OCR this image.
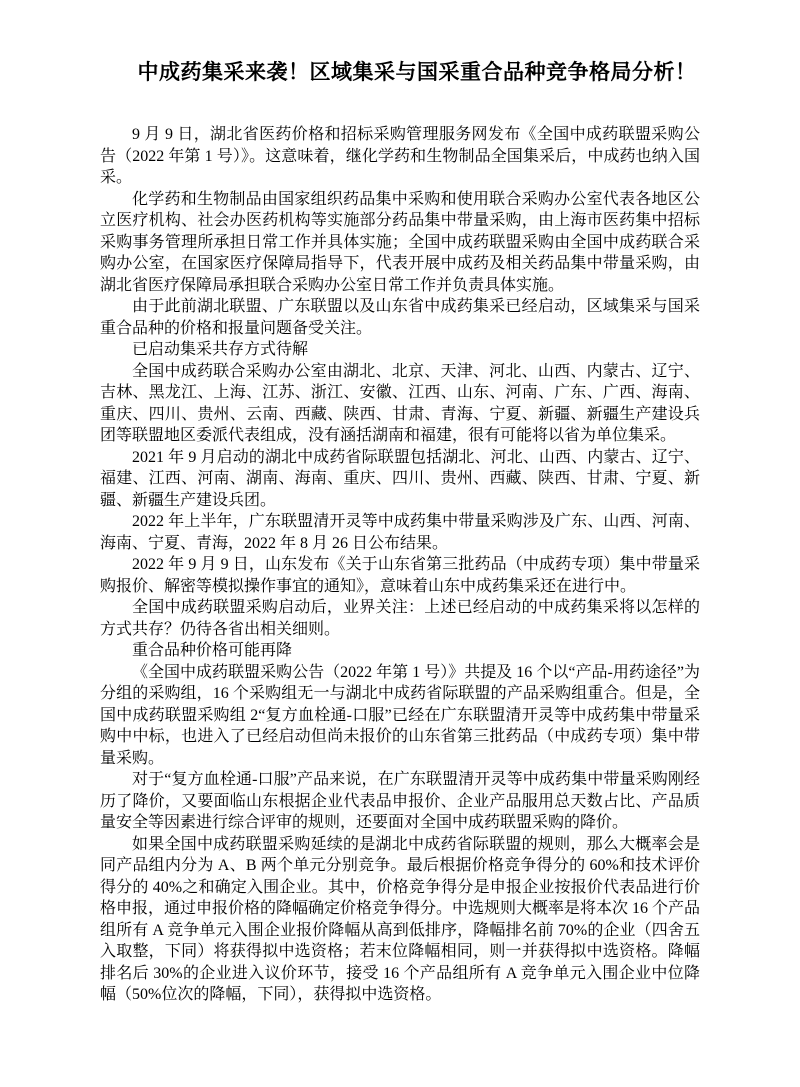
中成药集采来袭！区域集采与国采重合品种竞争格局分析！

9 月 9 日，湖北省医药价格和招标采购管理服务网发布《全国中成药联盟采购公告（2022 年第 1 号）》。这意味着，继化学药和生物制品全国集采后，中成药也纳入国采。

化学药和生物制品由国家组织药品集中采购和使用联合采购办公室代表各地区公立医疗机构、社会办医药机构等实施部分药品集中带量采购，由上海市医药集中招标采购事务管理所承担日常工作并具体实施；全国中成药联盟采购由全国中成药联合采购办公室，在国家医疗保障局指导下，代表开展中成药及相关药品集中带量采购，由湖北省医疗保障局承担联合采购办公室日常工作并负责具体实施。

由于此前湖北联盟、广东联盟以及山东省中成药集采已经启动，区域集采与国采重合品种的价格和报量问题备受关注。

已启动集采共存方式待解

全国中成药联合采购办公室由湖北、北京、天津、河北、山西、内蒙古、辽宁、吉林、黑龙江、上海、江苏、浙江、安徽、江西、山东、河南、广东、广西、海南、重庆、四川、贵州、云南、西藏、陕西、甘肃、青海、宁夏、新疆、新疆生产建设兵团等联盟地区委派代表组成，没有涵括湖南和福建，很有可能将以省为单位集采。

2021 年 9 月启动的湖北中成药省际联盟包括湖北、河北、山西、内蒙古、辽宁、福建、江西、河南、湖南、海南、重庆、四川、贵州、西藏、陕西、甘肃、宁夏、新疆、新疆生产建设兵团。

2022 年上半年，广东联盟清开灵等中成药集中带量采购涉及广东、山西、河南、海南、宁夏、青海，2022 年 8 月 26 日公布结果。

2022 年 9 月 9 日，山东发布《关于山东省第三批药品（中成药专项）集中带量采购报价、解密等模拟操作事宜的通知》，意味着山东中成药集采还在进行中。

全国中成药联盟采购启动后，业界关注：上述已经启动的中成药集采将以怎样的方式共存？仍待各省出相关细则。

重合品种价格可能再降

《全国中成药联盟采购公告（2022 年第 1 号）》共提及 16 个以“产品-用药途径”为分组的采购组，16 个采购组无一与湖北中成药省际联盟的产品采购组重合。但是，全国中成药联盟采购组 2“复方血栓通-口服”已经在广东联盟清开灵等中成药集中带量采购中中标，也进入了已经启动但尚未报价的山东省第三批药品（中成药专项）集中带量采购。

对于“复方血栓通-口服”产品来说，在广东联盟清开灵等中成药集中带量采购刚经历了降价，又要面临山东根据企业代表品申报价、企业产品服用总天数占比、产品质量安全等因素进行综合评审的规则，还要面对全国中成药联盟采购的降价。

如果全国中成药联盟采购延续的是湖北中成药省际联盟的规则，那么大概率会是同产品组内分为 A、B 两个单元分别竞争。最后根据价格竞争得分的 60%和技术评价得分的 40%之和确定入围企业。其中，价格竞争得分是申报企业按报价代表品进行价格申报，通过申报价格的降幅确定价格竞争得分。中选规则大概率是将本次 16 个产品组所有 A 竞争单元入围企业报价降幅从高到低排序，降幅排名前 70%的企业（四舍五入取整，下同）将获得拟中选资格；若末位降幅相同，则一并获得拟中选资格。降幅排名后 30%的企业进入议价环节，接受 16 个产品组所有 A 竞争单元入围企业中位降幅（50%位次的降幅，下同），获得拟中选资格。
